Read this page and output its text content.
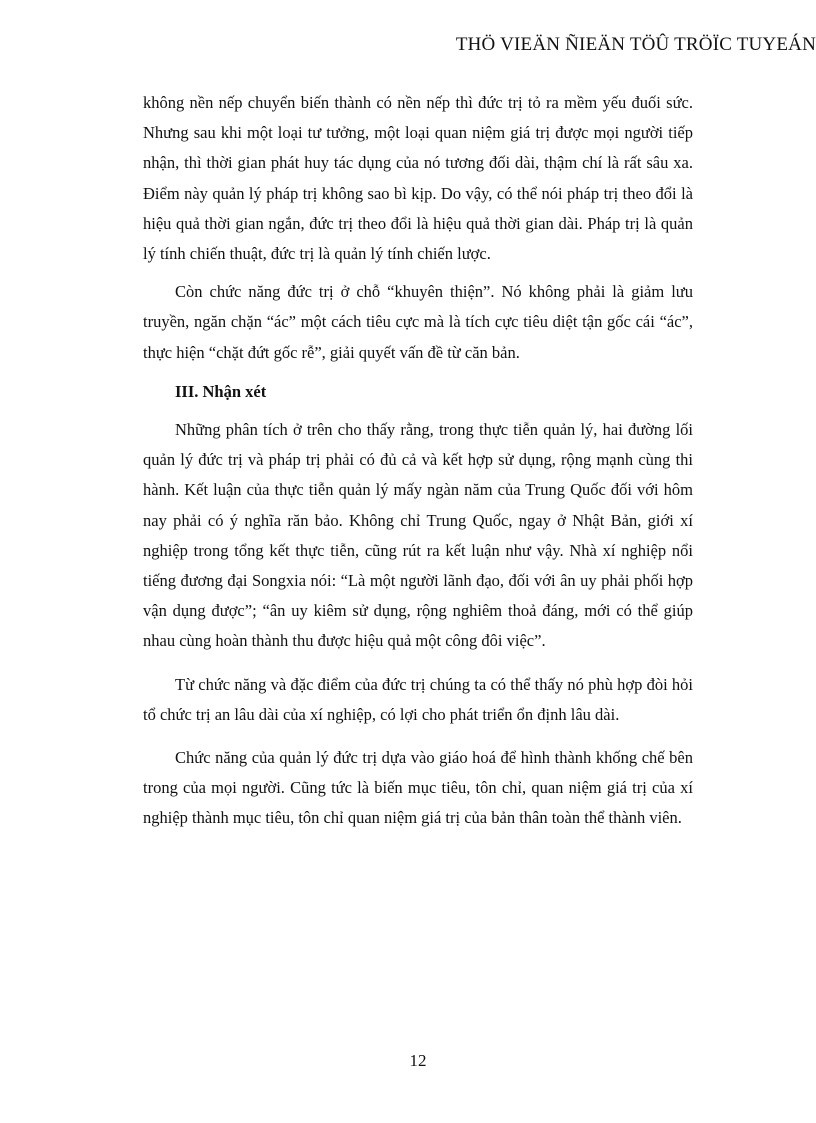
THÖ VIEÄN ÑIEÄN TÖÛ TRÖÏC TUYEÁN

không nền nếp chuyển biến thành có nền nếp thì đức trị tỏ ra mềm yếu đuối sức. Nhưng sau khi một loại tư tưởng, một loại quan niệm giá trị được mọi người tiếp nhận, thì thời gian phát huy tác dụng của nó tương đối dài, thậm chí là rất sâu xa. Điểm này quản lý pháp trị không sao bì kịp. Do vậy, có thể nói pháp trị theo đổi là hiệu quả thời gian ngắn, đức trị theo đổi là hiệu quả thời gian dài. Pháp trị là quản lý tính chiến thuật, đức trị là quản lý tính chiến lược.

Còn chức năng đức trị ở chỗ “khuyên thiện”. Nó không phải là giảm lưu truyền, ngăn chặn “ác” một cách tiêu cực mà là tích cực tiêu diệt tận gốc cái “ác”, thực hiện “chặt đứt gốc rễ”, giải quyết vấn đề từ căn bản.

III. Nhận xét

Những phân tích ở trên cho thấy rằng, trong thực tiễn quản lý, hai đường lối quản lý đức trị và pháp trị phải có đủ cả và kết hợp sử dụng, rộng mạnh cùng thi hành. Kết luận của thực tiễn quản lý mấy ngàn năm của Trung Quốc đối với hôm nay phải có ý nghĩa răn bảo. Không chỉ Trung Quốc, ngay ở Nhật Bản, giới xí nghiệp trong tổng kết thực tiễn, cũng rút ra kết luận như vậy. Nhà xí nghiệp nổi tiếng đương đại Songxia nói: “Là một người lãnh đạo, đối với ân uy phải phối hợp vận dụng được”; “ân uy kiêm sử dụng, rộng nghiêm thoả đáng, mới có thể giúp nhau cùng hoàn thành thu được hiệu quả một công đôi việc”.

Từ chức năng và đặc điểm của đức trị chúng ta có thể thấy nó phù hợp đòi hỏi tổ chức trị an lâu dài của xí nghiệp, có lợi cho phát triển ổn định lâu dài.

Chức năng của quản lý đức trị dựa vào giáo hoá để hình thành khống chế bên trong của mọi người. Cũng tức là biến mục tiêu, tôn chỉ, quan niệm giá trị của xí nghiệp thành mục tiêu, tôn chỉ quan niệm giá trị của bản thân toàn thể thành viên.

12
